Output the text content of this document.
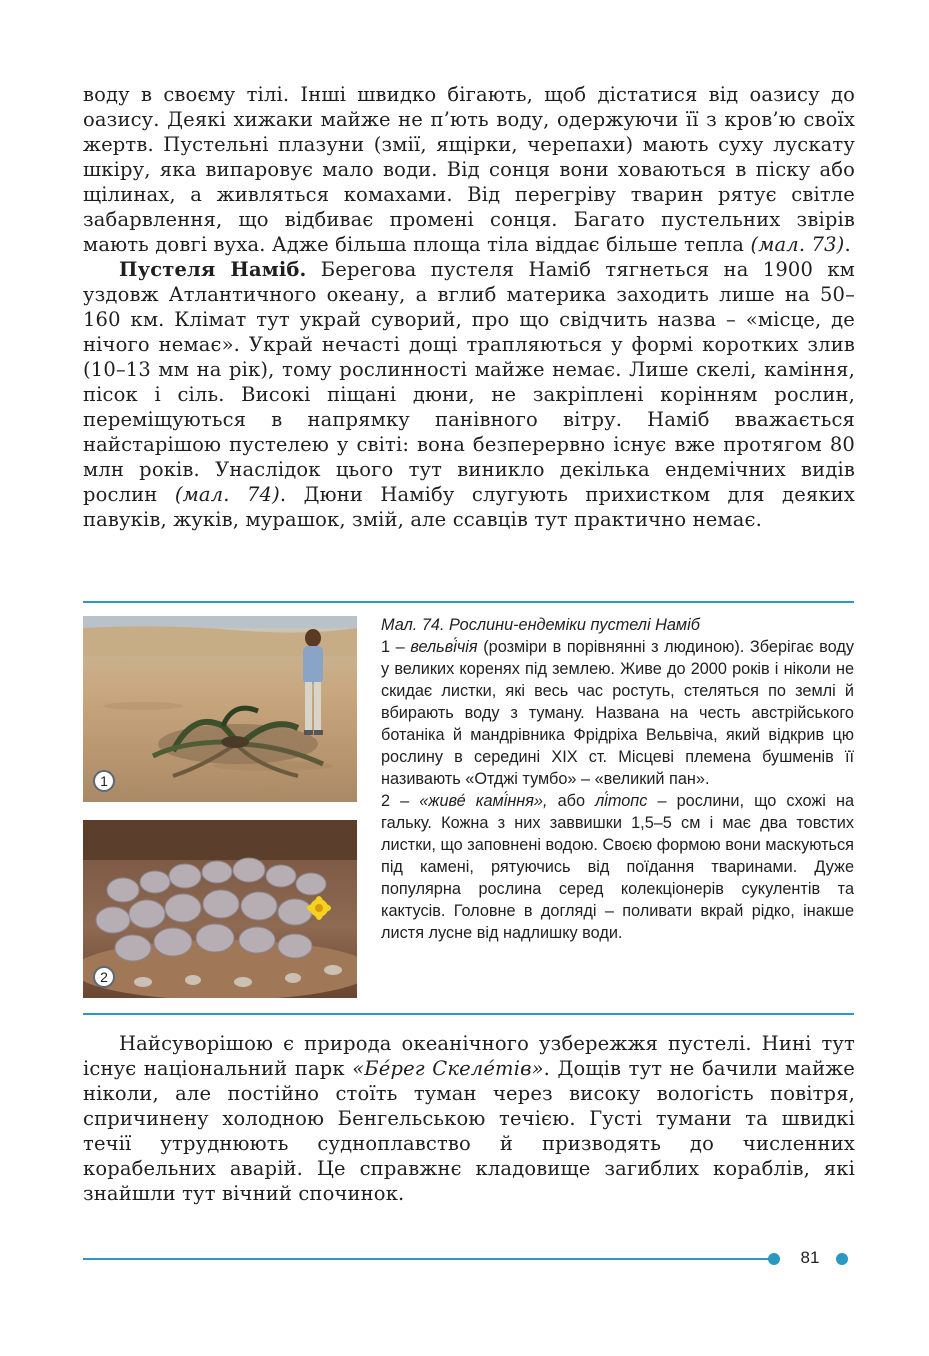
воду в своєму тілі. Інші швидко бігають, щоб дістатися від оазису до оазису. Деякі хижаки майже не п’ють воду, одержуючи її з кров’ю своїх жертв. Пустельні плазуни (змії, ящірки, черепахи) мають суху лускату шкіру, яка випаровує мало води. Від сонця вони ховаються в піску або щілинах, а живляться комахами. Від перегріву тварин рятує світле забарвлення, що відбиває промені сонця. Багато пустельних звірів мають довгі вуха. Адже більша площа тіла віддає більше тепла (мал. 73).

Пустеля Наміб. Берегова пустеля Наміб тягнеться на 1900 км уздовж Атлантичного океану, а вглиб материка заходить лише на 50–160 км. Клімат тут украй суворий, про що свідчить назва – «місце, де нічого немає». Украй нечасті дощі трапляються у формі коротких злив (10–13 мм на рік), тому рослинності майже немає. Лише скелі, каміння, пісок і сіль. Високі піщані дюни, не закріплені корінням рослин, переміщуються в напрямку панівного вітру. Наміб вважається найстарішою пустелею у світі: вона безперервно існує вже протягом 80 млн років. Унаслідок цього тут виникло декілька ендемічних видів рослин (мал. 74). Дюни Намібу слугують прихистком для деяких павуків, жуків, мурашок, змій, але ссавців тут практично немає.

1
2

Мал. 74. Рослини-ендеміки пустелі Наміб

1 – вельві́чія (розміри в порівнянні з людиною). Зберігає воду у великих коренях під землею. Живе до 2000 років і ніколи не скидає листки, які весь час ростуть, стеляться по землі й вбирають воду з туману. Названа на честь австрійського ботаніка й мандрівника Фрідріха Вельвіча, який відкрив цю рослину в середині XIX ст. Місцеві племена бушменів її називають «Отджі тумбо» – «великий пан».

2 – «живе́ камі́ння», або лі́топс – рослини, що схожі на гальку. Кожна з них заввишки 1,5–5 см і має два товстих листки, що заповнені водою. Своєю формою вони маскуються під камені, рятуючись від поїдання тваринами. Дуже популярна рослина серед колекціонерів сукулентів та кактусів. Головне в догляді – поливати вкрай рідко, інакше листя лусне від надлишку води.

Найсуворішою є природа океанічного узбережжя пустелі. Нині тут існує національний парк «Бе́рег Скеле́тів». Дощів тут не бачили майже ніколи, але постійно стоїть туман через високу вологість повітря, спричинену холодною Бенгельською течією. Густі тумани та швидкі течії утруднюють судноплавство й призводять до численних корабельних аварій. Це справжнє кладовище загиблих кораблів, які знайшли тут вічний спочинок.

81
